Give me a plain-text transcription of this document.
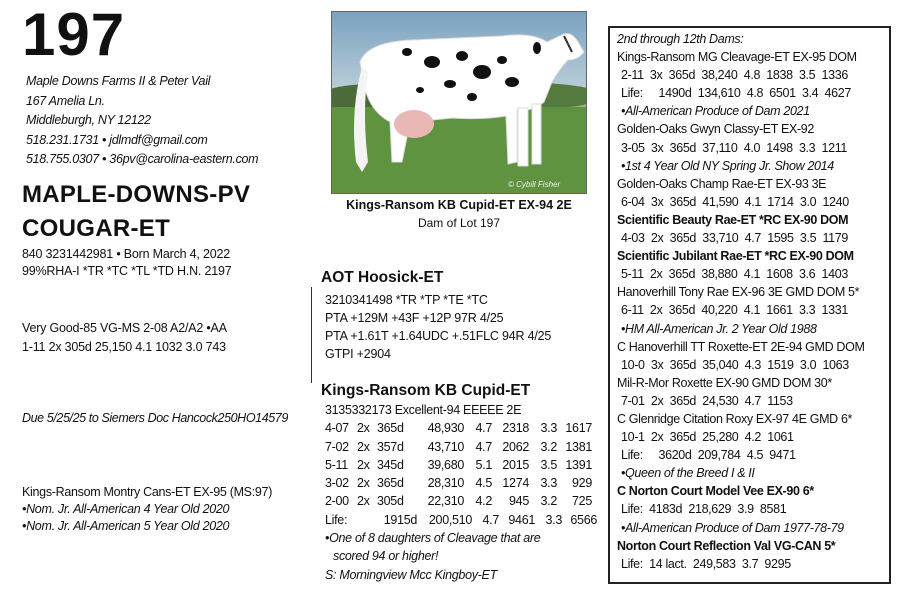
197
Maple Downs Farms II & Peter Vail
167 Amelia Ln.
Middleburgh, NY 12122
518.231.1731 • jdlmdf@gmail.com
518.755.0307 • 36pv@carolina-eastern.com
MAPLE-DOWNS-PV
COUGAR-ET
840 3231442981 • Born March 4, 2022
99%RHA-I *TR *TC *TL *TD H.N. 2197
Very Good-85 VG-MS 2-08 A2/A2 •AA
1-11 2x 305d 25,150 4.1 1032 3.0 743
Due 5/25/25 to Siemers Doc Hancock250HO14579
Kings-Ransom Montry Cans-ET EX-95 (MS:97)
•Nom. Jr. All-American 4 Year Old 2020
•Nom. Jr. All-American 5 Year Old 2020
© Cybill Fisher
Kings-Ransom KB Cupid-ET EX-94 2E
Dam of Lot 197
AOT Hoosick-ET
3210341498 *TR *TP *TE *TC
PTA +129M +43F +12P 97R 4/25
PTA +1.61T +1.64UDC +.51FLC 94R 4/25
GTPI +2904
Kings-Ransom KB Cupid-ET
3135332173 Excellent-94 EEEEE 2E
4-07 2x 365d	48,930 4.7 2318 3.3 1617
7-02 2x 357d	43,710 4.7 2062 3.2 1381
5-11 2x 345d	39,680 5.1 2015 3.5 1391
3-02 2x 365d	28,310 4.5 1274 3.3	929
2-00 2x 305d	22,310 4.2	945 3.2	725
Life:	1915d 200,510 4.7 9461 3.3 6566
•One of 8 daughters of Cleavage that are
scored 94 or higher!
S: Morningview Mcc Kingboy-ET
2nd through 12th Dams:
Kings-Ransom MG Cleavage-ET EX-95 DOM
2-11  3x  365d  38,240  4.8  1838  3.5  1336
Life:     1490d  134,610  4.8  6501  3.4  4627
•All-American Produce of Dam 2021
Golden-Oaks Gwyn Classy-ET EX-92
3-05  3x  365d  37,110  4.0  1498  3.3  1211
•1st 4 Year Old NY Spring Jr. Show 2014
Golden-Oaks Champ Rae-ET EX-93 3E
6-04  3x  365d  41,590  4.1  1714  3.0  1240
Scientific Beauty Rae-ET *RC EX-90 DOM
4-03  2x  365d  33,710  4.7  1595  3.5  1179
Scientific Jubilant Rae-ET *RC EX-90 DOM
5-11  2x  365d  38,880  4.1  1608  3.6  1403
Hanoverhill Tony Rae EX-96 3E GMD DOM 5*
6-11  2x  365d  40,220  4.1  1661  3.3  1331
•HM All-American Jr. 2 Year Old 1988
C Hanoverhill TT Roxette-ET 2E-94 GMD DOM
10-0  3x  365d  35,040  4.3  1519  3.0  1063
Mil-R-Mor Roxette EX-90 GMD DOM 30*
7-01  2x  365d  24,530  4.7  1153
C Glenridge Citation Roxy EX-97 4E GMD 6*
10-1  2x  365d  25,280  4.2  1061
Life:     3620d  209,784  4.5  9471
•Queen of the Breed I & II
C Norton Court Model Vee EX-90 6*
Life:  4183d  218,629  3.9  8581
•All-American Produce of Dam 1977-78-79
Norton Court Reflection Val VG-CAN 5*
Life:  14 lact.  249,583  3.7  9295
